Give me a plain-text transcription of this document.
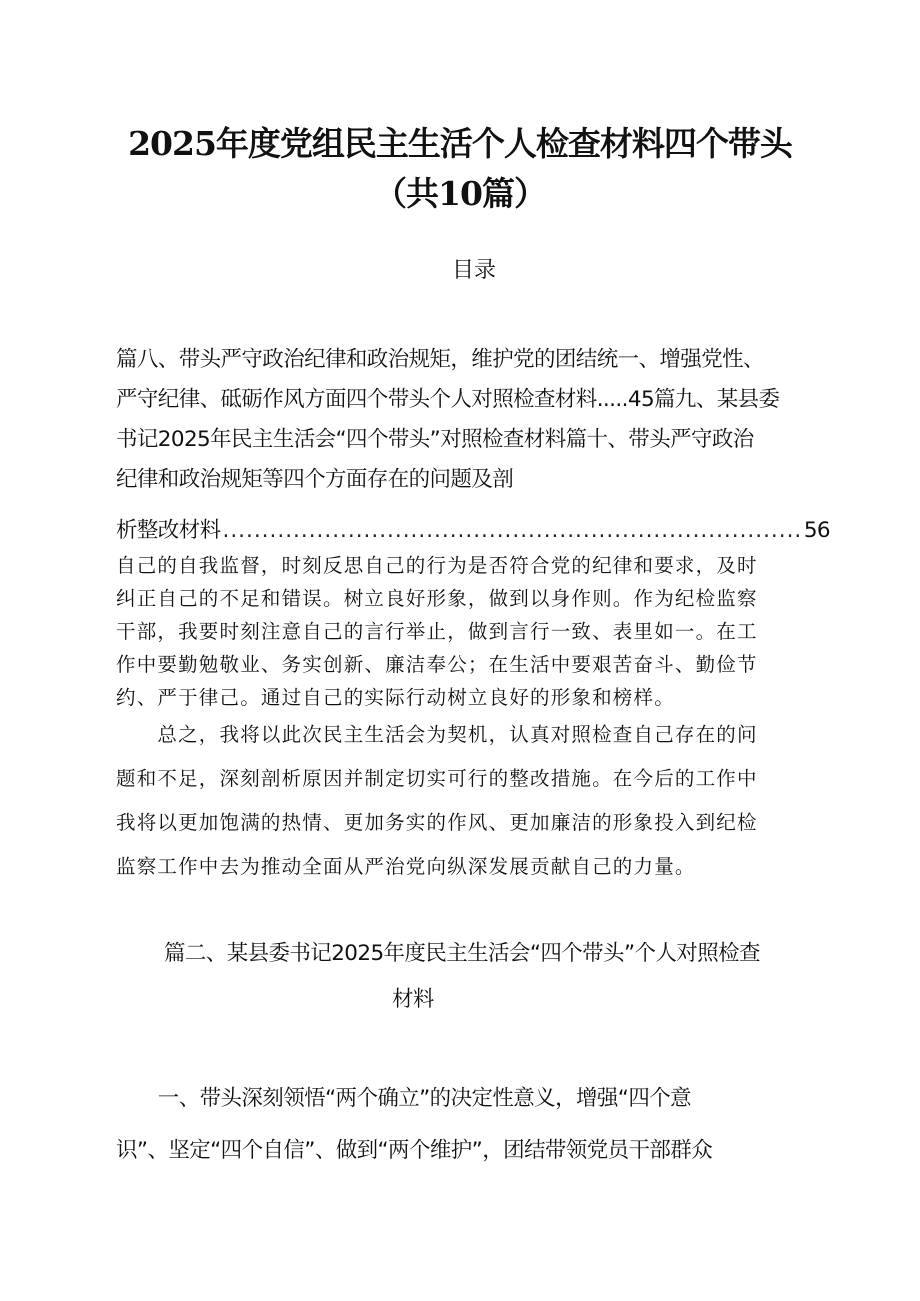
2025年度党组民主生活个人检查材料四个带头
（共10篇）
目录
篇八、带头严守政治纪律和政治规矩，维护党的团结统一、增强党性、
严守纪律、砥砺作风方面四个带头个人对照检查材料.....45篇九、某县委
书记2025年民主生活会“四个带头”对照检查材料篇十、带头严守政治
纪律和政治规矩等四个方面存在的问题及剖
析整改材料
.....	56
自己的自我监督，时刻反思自己的行为是否符合党的纪律和要求，及时
纠正自己的不足和错误。树立良好形象，做到以身作则。作为纪检监察
干部，我要时刻注意自己的言行举止，做到言行一致、表里如一。在工
作中要勤勉敬业、务实创新、廉洁奉公；在生活中要艰苦奋斗、勤俭节
约、严于律己。通过自己的实际行动树立良好的形象和榜样。
　　总之，我将以此次民主生活会为契机，认真对照检查自己存在的问
题和不足，深刻剖析原因并制定切实可行的整改措施。在今后的工作中
我将以更加饱满的热情、更加务实的作风、更加廉洁的形象投入到纪检
监察工作中去为推动全面从严治党向纵深发展贡献自己的力量。
篇二、某县委书记2025年度民主生活会“四个带头”个人对照检查
材料
　　一、带头深刻领悟“两个确立”的决定性意义，增强“四个意
识”、坚定“四个自信”、做到“两个维护”，团结带领党员干部群众
